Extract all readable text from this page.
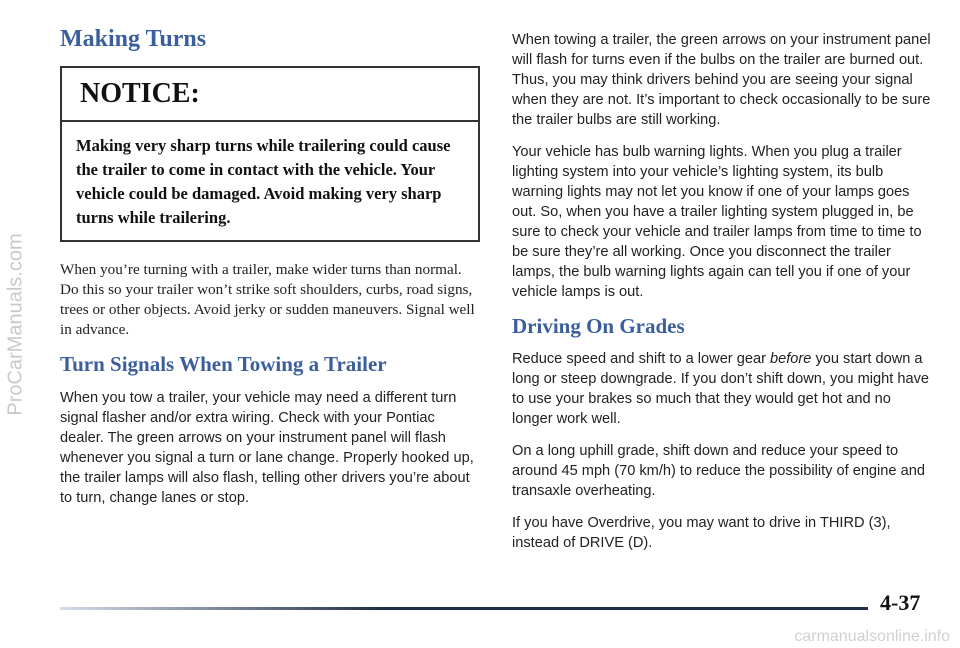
ProCarManuals.com
Making Turns
NOTICE:
Making very sharp turns while trailering could cause the trailer to come in contact with the vehicle. Your vehicle could be damaged. Avoid making very sharp turns while trailering.

When you’re turning with a trailer, make wider turns than normal. Do this so your trailer won’t strike soft shoulders, curbs, road signs, trees or other objects. Avoid jerky or sudden maneuvers. Signal well in advance.

Turn Signals When Towing a Trailer

When you tow a trailer, your vehicle may need a different turn signal flasher and/or extra wiring. Check with your Pontiac dealer. The green arrows on your instrument panel will flash whenever you signal a turn or lane change. Properly hooked up, the trailer lamps will also flash, telling other drivers you’re about to turn, change lanes or stop.

When towing a trailer, the green arrows on your instrument panel will flash for turns even if the bulbs on the trailer are burned out. Thus, you may think drivers behind you are seeing your signal when they are not. It’s important to check occasionally to be sure the trailer bulbs are still working.

Your vehicle has bulb warning lights. When you plug a trailer lighting system into your vehicle’s lighting system, its bulb warning lights may not let you know if one of your lamps goes out. So, when you have a trailer lighting system plugged in, be sure to check your vehicle and trailer lamps from time to time to be sure they’re all working. Once you disconnect the trailer lamps, the bulb warning lights again can tell you if one of your vehicle lamps is out.

Driving On Grades

Reduce speed and shift to a lower gear before you start down a long or steep downgrade. If you don’t shift down, you might have to use your brakes so much that they would get hot and no longer work well.

On a long uphill grade, shift down and reduce your speed to around 45 mph (70 km/h) to reduce the possibility of engine and transaxle overheating.

If you have Overdrive, you may want to drive in THIRD (3), instead of DRIVE (D).

4-37
carmanualsonline.info
